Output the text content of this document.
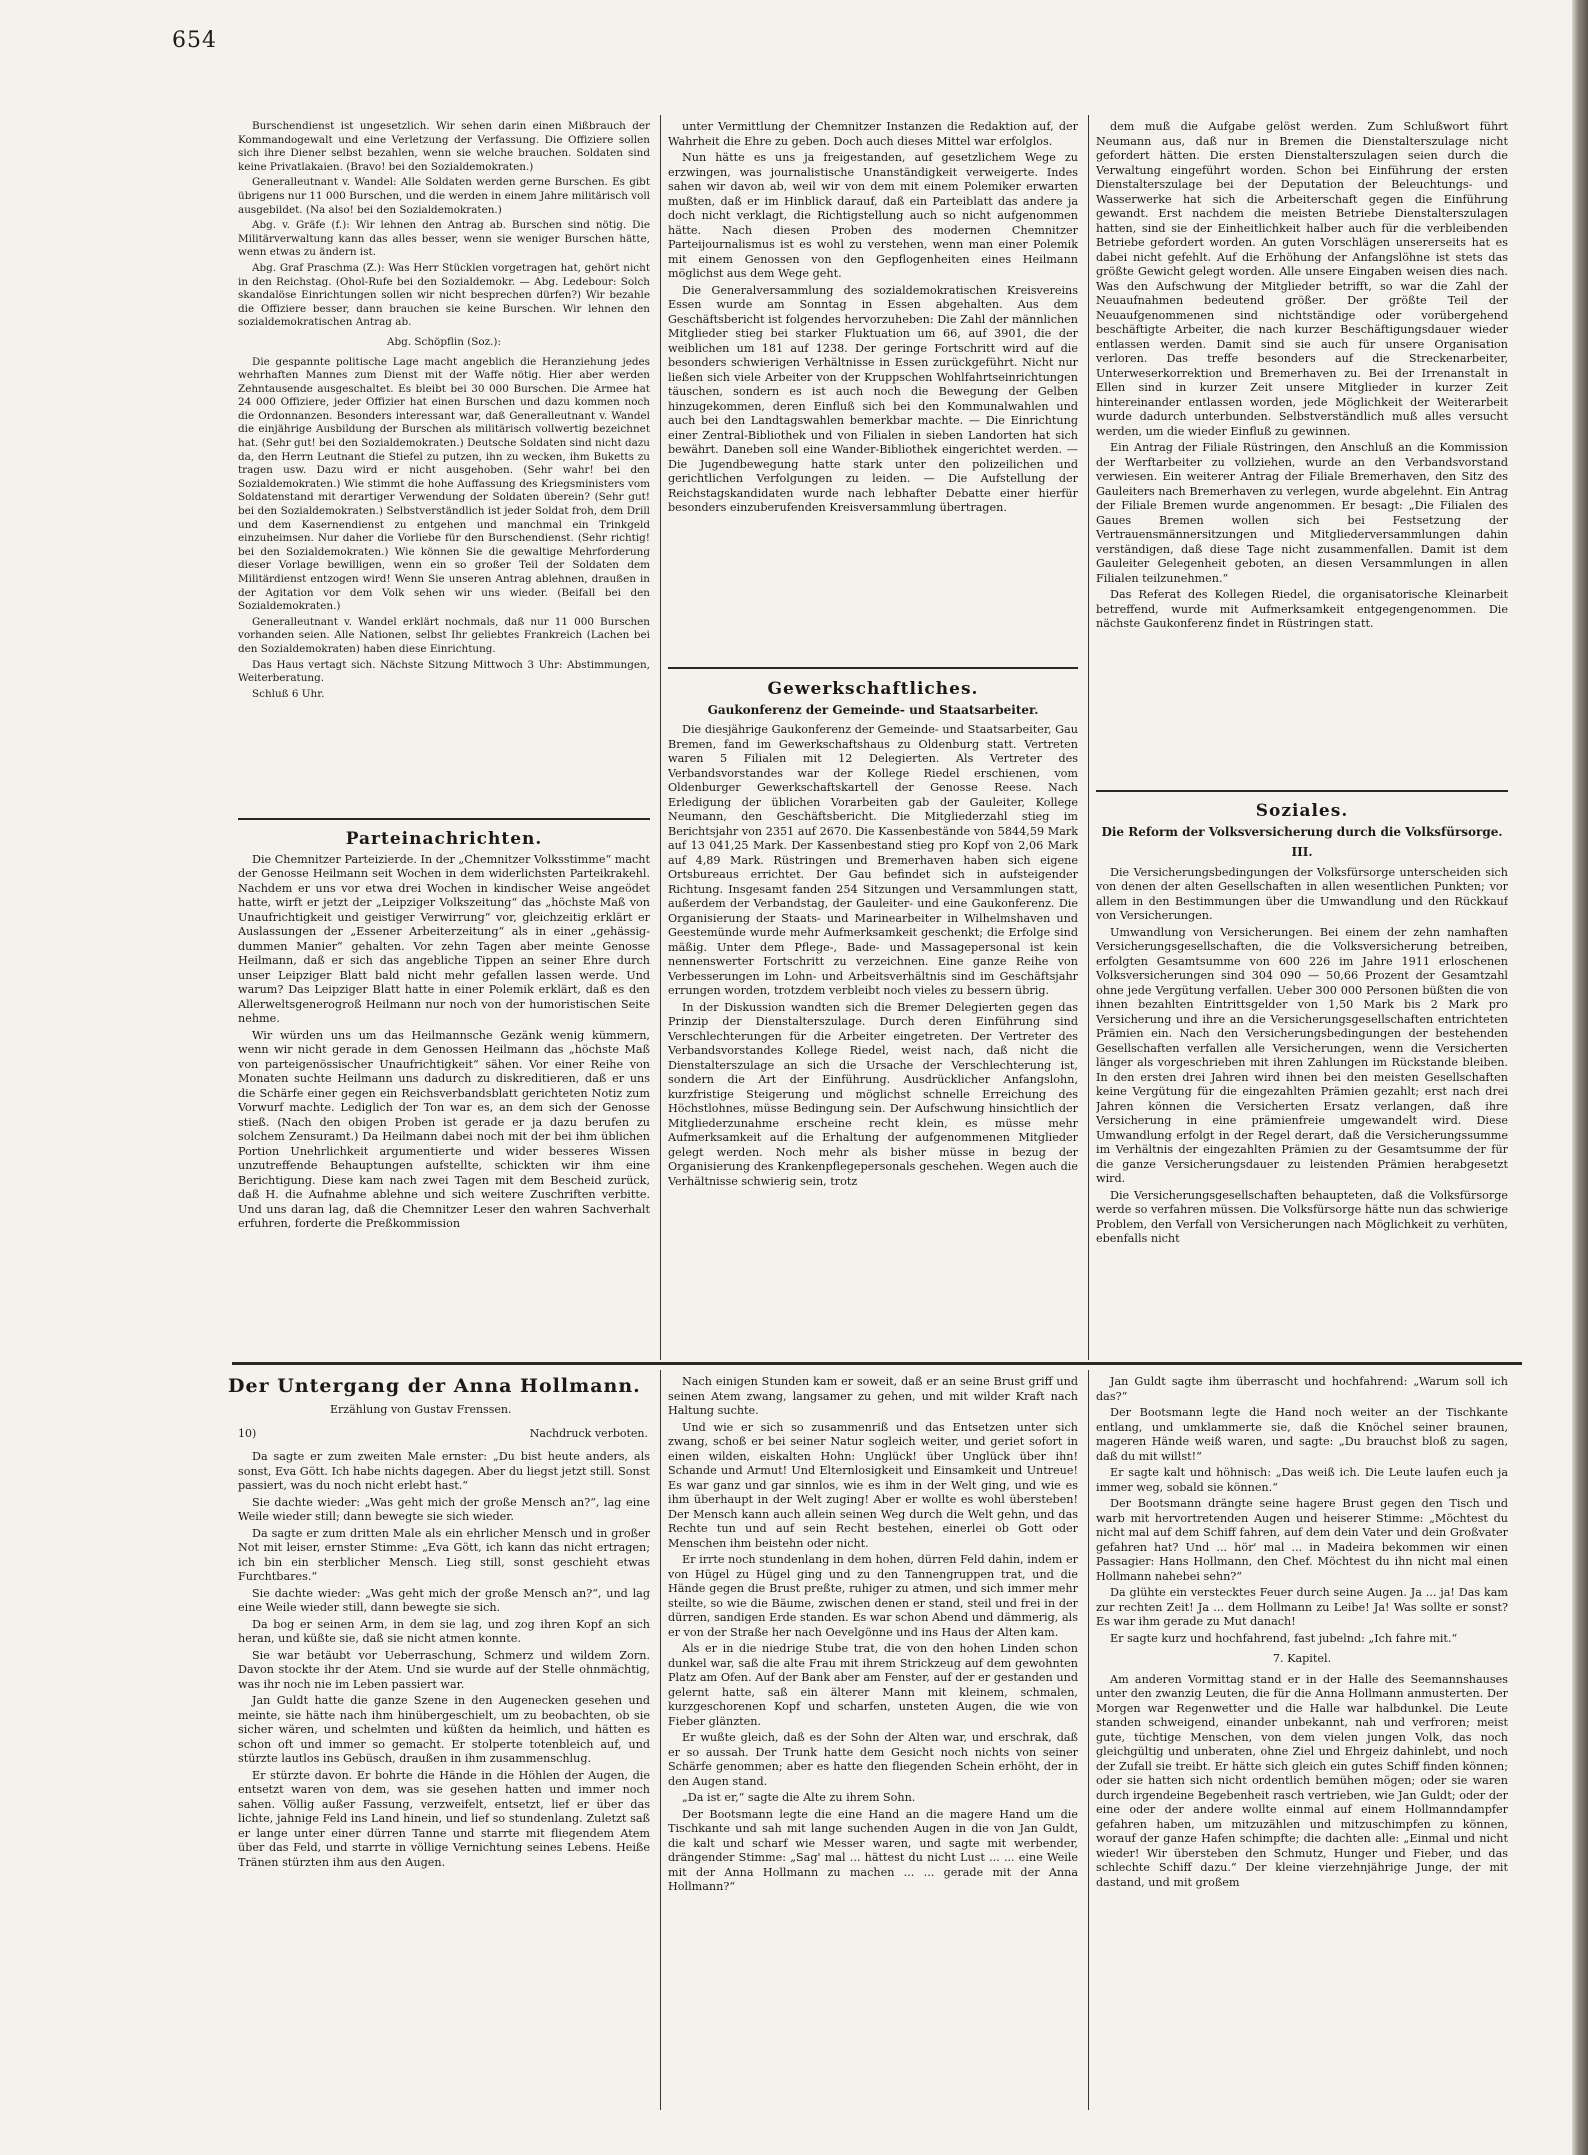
654

Burschendienst ist ungesetzlich. Wir sehen darin einen Mißbrauch der Kommandogewalt und eine Verletzung der Verfassung. Die Offiziere sollen sich ihre Diener selbst bezahlen, wenn sie welche brauchen. Soldaten sind keine Privatlakaien. (Bravo! bei den Sozialdemokraten.)

Generalleutnant v. Wandel: Alle Soldaten werden gerne Burschen. Es gibt übrigens nur 11 000 Burschen, und die werden in einem Jahre militärisch voll ausgebildet. (Na also! bei den Sozialdemokraten.)

Abg. v. Gräfe (f.): Wir lehnen den Antrag ab. Burschen sind nötig. Die Militärverwaltung kann das alles besser, wenn sie weniger Burschen hätte, wenn etwas zu ändern ist.

Abg. Graf Praschma (Z.): Was Herr Stücklen vorgetragen hat, gehört nicht in den Reichstag. (Ohol-Rufe bei den Sozialdemokr. — Abg. Ledebour: Solch skandalöse Einrichtungen sollen wir nicht besprechen dürfen?) Wir bezahle die Offiziere besser, dann brauchen sie keine Burschen. Wir lehnen den sozialdemokratischen Antrag ab.

Abg. Schöpflin (Soz.):

Die gespannte politische Lage macht angeblich die Heranziehung jedes wehrhaften Mannes zum Dienst mit der Waffe nötig. Hier aber werden Zehntausende ausgeschaltet. Es bleibt bei 30 000 Burschen. Die Armee hat 24 000 Offiziere, jeder Offizier hat einen Burschen und dazu kommen noch die Ordonnanzen. Besonders interessant war, daß Generalleutnant v. Wandel die einjährige Ausbildung der Burschen als militärisch vollwertig bezeichnet hat. (Sehr gut! bei den Sozialdemokraten.) Deutsche Soldaten sind nicht dazu da, den Herrn Leutnant die Stiefel zu putzen, ihn zu wecken, ihm Buketts zu tragen usw. Dazu wird er nicht ausgehoben. (Sehr wahr! bei den Sozialdemokraten.) Wie stimmt die hohe Auffassung des Kriegsministers vom Soldatenstand mit derartiger Verwendung der Soldaten überein? (Sehr gut! bei den Sozialdemokraten.) Selbstverständlich ist jeder Soldat froh, dem Drill und dem Kasernendienst zu entgehen und manchmal ein Trinkgeld einzuheimsen. Nur daher die Vorliebe für den Burschendienst. (Sehr richtig! bei den Sozialdemokraten.) Wie können Sie die gewaltige Mehrforderung dieser Vorlage bewilligen, wenn ein so großer Teil der Soldaten dem Militärdienst entzogen wird! Wenn Sie unseren Antrag ablehnen, draußen in der Agitation vor dem Volk sehen wir uns wieder. (Beifall bei den Sozialdemokraten.)

Generalleutnant v. Wandel erklärt nochmals, daß nur 11 000 Burschen vorhanden seien. Alle Nationen, selbst Ihr geliebtes Frankreich (Lachen bei den Sozialdemokraten) haben diese Einrichtung.

Das Haus vertagt sich. Nächste Sitzung Mittwoch 3 Uhr: Abstimmungen, Weiterberatung.

Schluß 6 Uhr.

Parteinachrichten.

Die Chemnitzer Parteizierde. In der „Chemnitzer Volksstimme“ macht der Genosse Heilmann seit Wochen in dem widerlichsten Parteikrakehl. Nachdem er uns vor etwa drei Wochen in kindischer Weise angeödet hatte, wirft er jetzt der „Leipziger Volkszeitung“ das „höchste Maß von Unaufrichtigkeit und geistiger Verwirrung“ vor, gleichzeitig erklärt er Auslassungen der „Essener Arbeiterzeitung“ als in einer „gehässig-dummen Manier“ gehalten. Vor zehn Tagen aber meinte Genosse Heilmann, daß er sich das angebliche Tippen an seiner Ehre durch unser Leipziger Blatt bald nicht mehr gefallen lassen werde. Und warum? Das Leipziger Blatt hatte in einer Polemik erklärt, daß es den Allerweltsgenerogroß Heilmann nur noch von der humoristischen Seite nehme.

Wir würden uns um das Heilmannsche Gezänk wenig kümmern, wenn wir nicht gerade in dem Genossen Heilmann das „höchste Maß von parteigenössischer Unaufrichtigkeit“ sähen. Vor einer Reihe von Monaten suchte Heilmann uns dadurch zu diskreditieren, daß er uns die Schärfe einer gegen ein Reichsverbandsblatt gerichteten Notiz zum Vorwurf machte. Lediglich der Ton war es, an dem sich der Genosse stieß. (Nach den obigen Proben ist gerade er ja dazu berufen zu solchem Zensuramt.) Da Heilmann dabei noch mit der bei ihm üblichen Portion Unehrlichkeit argumentierte und wider besseres Wissen unzutreffende Behauptungen aufstellte, schickten wir ihm eine Berichtigung. Diese kam nach zwei Tagen mit dem Bescheid zurück, daß H. die Aufnahme ablehne und sich weitere Zuschriften verbitte. Und uns daran lag, daß die Chemnitzer Leser den wahren Sachverhalt erfuhren, forderte die Preßkommission

unter Vermittlung der Chemnitzer Instanzen die Redaktion auf, der Wahrheit die Ehre zu geben. Doch auch dieses Mittel war erfolglos.

Nun hätte es uns ja freigestanden, auf gesetzlichem Wege zu erzwingen, was journalistische Unanständigkeit verweigerte. Indes sahen wir davon ab, weil wir von dem mit einem Polemiker erwarten mußten, daß er im Hinblick darauf, daß ein Parteiblatt das andere ja doch nicht verklagt, die Richtigstellung auch so nicht aufgenommen hätte. Nach diesen Proben des modernen Chemnitzer Parteijournalismus ist es wohl zu verstehen, wenn man einer Polemik mit einem Genossen von den Gepflogenheiten eines Heilmann möglichst aus dem Wege geht.

Die Generalversammlung des sozialdemokratischen Kreisvereins Essen wurde am Sonntag in Essen abgehalten. Aus dem Geschäftsbericht ist folgendes hervorzuheben: Die Zahl der männlichen Mitglieder stieg bei starker Fluktuation um 66, auf 3901, die der weiblichen um 181 auf 1238. Der geringe Fortschritt wird auf die besonders schwierigen Verhältnisse in Essen zurückgeführt. Nicht nur ließen sich viele Arbeiter von der Kruppschen Wohlfahrtseinrichtungen täuschen, sondern es ist auch noch die Bewegung der Gelben hinzugekommen, deren Einfluß sich bei den Kommunalwahlen und auch bei den Landtagswahlen bemerkbar machte. — Die Einrichtung einer Zentral-Bibliothek und von Filialen in sieben Landorten hat sich bewährt. Daneben soll eine Wander-Bibliothek eingerichtet werden. — Die Jugendbewegung hatte stark unter den polizeilichen und gerichtlichen Verfolgungen zu leiden. — Die Aufstellung der Reichstagskandidaten wurde nach lebhafter Debatte einer hierfür besonders einzuberufenden Kreisversammlung übertragen.

Gewerkschaftliches.
Gaukonferenz der Gemeinde- und Staatsarbeiter.

Die diesjährige Gaukonferenz der Gemeinde- und Staatsarbeiter, Gau Bremen, fand im Gewerkschaftshaus zu Oldenburg statt. Vertreten waren 5 Filialen mit 12 Delegierten. Als Vertreter des Verbandsvorstandes war der Kollege Riedel erschienen, vom Oldenburger Gewerkschaftskartell der Genosse Reese. Nach Erledigung der üblichen Vorarbeiten gab der Gauleiter, Kollege Neumann, den Geschäftsbericht. Die Mitgliederzahl stieg im Berichtsjahr von 2351 auf 2670. Die Kassenbestände von 5844,59 Mark auf 13 041,25 Mark. Der Kassenbestand stieg pro Kopf von 2,06 Mark auf 4,89 Mark. Rüstringen und Bremerhaven haben sich eigene Ortsbureaus errichtet. Der Gau befindet sich in aufsteigender Richtung. Insgesamt fanden 254 Sitzungen und Versammlungen statt, außerdem der Verbandstag, der Gauleiter- und eine Gaukonferenz. Die Organisierung der Staats- und Marinearbeiter in Wilhelmshaven und Geestemünde wurde mehr Aufmerksamkeit geschenkt; die Erfolge sind mäßig. Unter dem Pflege-, Bade- und Massagepersonal ist kein nennenswerter Fortschritt zu verzeichnen. Eine ganze Reihe von Verbesserungen im Lohn- und Arbeitsverhältnis sind im Geschäftsjahr errungen worden, trotzdem verbleibt noch vieles zu bessern übrig.

In der Diskussion wandten sich die Bremer Delegierten gegen das Prinzip der Dienstalterszulage. Durch deren Einführung sind Verschlechterungen für die Arbeiter eingetreten. Der Vertreter des Verbandsvorstandes Kollege Riedel, weist nach, daß nicht die Dienstalterszulage an sich die Ursache der Verschlechterung ist, sondern die Art der Einführung. Ausdrücklicher Anfangslohn, kurzfristige Steigerung und möglichst schnelle Erreichung des Höchstlohnes, müsse Bedingung sein. Der Aufschwung hinsichtlich der Mitgliederzunahme erscheine recht klein, es müsse mehr Aufmerksamkeit auf die Erhaltung der aufgenommenen Mitglieder gelegt werden. Noch mehr als bisher müsse in bezug der Organisierung des Krankenpflegepersonals geschehen. Wegen auch die Verhältnisse schwierig sein, trotz

dem muß die Aufgabe gelöst werden. Zum Schlußwort führt Neumann aus, daß nur in Bremen die Dienstalterszulage nicht gefordert hätten. Die ersten Dienstalterszulagen seien durch die Verwaltung eingeführt worden. Schon bei Einführung der ersten Dienstalterszulage bei der Deputation der Beleuchtungs- und Wasserwerke hat sich die Arbeiterschaft gegen die Einführung gewandt. Erst nachdem die meisten Betriebe Dienstalterszulagen hatten, sind sie der Einheitlichkeit halber auch für die verbleibenden Betriebe gefordert worden. An guten Vorschlägen unsererseits hat es dabei nicht gefehlt. Auf die Erhöhung der Anfangslöhne ist stets das größte Gewicht gelegt worden. Alle unsere Eingaben weisen dies nach. Was den Aufschwung der Mitglieder betrifft, so war die Zahl der Neuaufnahmen bedeutend größer. Der größte Teil der Neuaufgenommenen sind nichtständige oder vorübergehend beschäftigte Arbeiter, die nach kurzer Beschäftigungsdauer wieder entlassen werden. Damit sind sie auch für unsere Organisation verloren. Das treffe besonders auf die Streckenarbeiter, Unterweserkorrektion und Bremerhaven zu. Bei der Irrenanstalt in Ellen sind in kurzer Zeit unsere Mitglieder in kurzer Zeit hintereinander entlassen worden, jede Möglichkeit der Weiterarbeit wurde dadurch unterbunden. Selbstverständlich muß alles versucht werden, um die wieder Einfluß zu gewinnen.

Ein Antrag der Filiale Rüstringen, den Anschluß an die Kommission der Werftarbeiter zu vollziehen, wurde an den Verbandsvorstand verwiesen. Ein weiterer Antrag der Filiale Bremerhaven, den Sitz des Gauleiters nach Bremerhaven zu verlegen, wurde abgelehnt. Ein Antrag der Filiale Bremen wurde angenommen. Er besagt: „Die Filialen des Gaues Bremen wollen sich bei Festsetzung der Vertrauensmännersitzungen und Mitgliederversammlungen dahin verständigen, daß diese Tage nicht zusammenfallen. Damit ist dem Gauleiter Gelegenheit geboten, an diesen Versammlungen in allen Filialen teilzunehmen.“

Das Referat des Kollegen Riedel, die organisatorische Kleinarbeit betreffend, wurde mit Aufmerksamkeit entgegengenommen. Die nächste Gaukonferenz findet in Rüstringen statt.

Soziales.
Die Reform der Volksversicherung durch die Volksfürsorge.
III.

Die Versicherungsbedingungen der Volksfürsorge unterscheiden sich von denen der alten Gesellschaften in allen wesentlichen Punkten; vor allem in den Bestimmungen über die Umwandlung und den Rückkauf von Versicherungen.

Umwandlung von Versicherungen. Bei einem der zehn namhaften Versicherungsgesellschaften, die die Volksversicherung betreiben, erfolgten Gesamtsumme von 600 226 im Jahre 1911 erloschenen Volksversicherungen sind 304 090 — 50,66 Prozent der Gesamtzahl ohne jede Vergütung verfallen. Ueber 300 000 Personen büßten die von ihnen bezahlten Eintrittsgelder von 1,50 Mark bis 2 Mark pro Versicherung und ihre an die Versicherungsgesellschaften entrichteten Prämien ein. Nach den Versicherungsbedingungen der bestehenden Gesellschaften verfallen alle Versicherungen, wenn die Versicherten länger als vorgeschrieben mit ihren Zahlungen im Rückstande bleiben. In den ersten drei Jahren wird ihnen bei den meisten Gesellschaften keine Vergütung für die eingezahlten Prämien gezahlt; erst nach drei Jahren können die Versicherten Ersatz verlangen, daß ihre Versicherung in eine prämienfreie umgewandelt wird. Diese Umwandlung erfolgt in der Regel derart, daß die Versicherungssumme im Verhältnis der eingezahlten Prämien zu der Gesamtsumme der für die ganze Versicherungsdauer zu leistenden Prämien herabgesetzt wird.

Die Versicherungsgesellschaften behaupteten, daß die Volksfürsorge werde so verfahren müssen. Die Volksfürsorge hätte nun das schwierige Problem, den Verfall von Versicherungen nach Möglichkeit zu verhüten, ebenfalls nicht

Der Untergang der Anna Hollmann.
Erzählung von Gustav Frenssen.
10)	Nachdruck verboten.

Da sagte er zum zweiten Male ernster: „Du bist heute anders, als sonst, Eva Gött. Ich habe nichts dagegen. Aber du liegst jetzt still. Sonst passiert, was du noch nicht erlebt hast.“

Sie dachte wieder: „Was geht mich der große Mensch an?“, lag eine Weile wieder still; dann bewegte sie sich wieder.

Da sagte er zum dritten Male als ein ehrlicher Mensch und in großer Not mit leiser, ernster Stimme: „Eva Gött, ich kann das nicht ertragen; ich bin ein sterblicher Mensch. Lieg still, sonst geschieht etwas Furchtbares.“

Sie dachte wieder: „Was geht mich der große Mensch an?“, und lag eine Weile wieder still, dann bewegte sie sich.

Da bog er seinen Arm, in dem sie lag, und zog ihren Kopf an sich heran, und küßte sie, daß sie nicht atmen konnte.

Sie war betäubt vor Ueberraschung, Schmerz und wildem Zorn. Davon stockte ihr der Atem. Und sie wurde auf der Stelle ohnmächtig, was ihr noch nie im Leben passiert war.

Jan Guldt hatte die ganze Szene in den Augenecken gesehen und meinte, sie hätte nach ihm hinübergeschielt, um zu beobachten, ob sie sicher wären, und schelmten und küßten da heimlich, und hätten es schon oft und immer so gemacht. Er stolperte totenbleich auf, und stürzte lautlos ins Gebüsch, draußen in ihm zusammenschlug.

Er stürzte davon. Er bohrte die Hände in die Höhlen der Augen, die entsetzt waren von dem, was sie gesehen hatten und immer noch sahen. Völlig außer Fassung, verzweifelt, entsetzt, lief er über das lichte, jahnige Feld ins Land hinein, und lief so stundenlang. Zuletzt saß er lange unter einer dürren Tanne und starrte mit fliegendem Atem über das Feld, und starrte in völlige Vernichtung seines Lebens. Heiße Tränen stürzten ihm aus den Augen.

Nach einigen Stunden kam er soweit, daß er an seine Brust griff und seinen Atem zwang, langsamer zu gehen, und mit wilder Kraft nach Haltung suchte.

Und wie er sich so zusammenriß und das Entsetzen unter sich zwang, schoß er bei seiner Natur sogleich weiter, und geriet sofort in einen wilden, eiskalten Hohn: Unglück! über Unglück über ihn! Schande und Armut! Und Elternlosigkeit und Einsamkeit und Untreue! Es war ganz und gar sinnlos, wie es ihm in der Welt ging, und wie es ihm überhaupt in der Welt zuging! Aber er wollte es wohl übersteben! Der Mensch kann auch allein seinen Weg durch die Welt gehn, und das Rechte tun und auf sein Recht bestehen, einerlei ob Gott oder Menschen ihm beistehn oder nicht.

Er irrte noch stundenlang in dem hohen, dürren Feld dahin, indem er von Hügel zu Hügel ging und zu den Tannengruppen trat, und die Hände gegen die Brust preßte, ruhiger zu atmen, und sich immer mehr steilte, so wie die Bäume, zwischen denen er stand, steil und frei in der dürren, sandigen Erde standen. Es war schon Abend und dämmerig, als er von der Straße her nach Oevelgönne und ins Haus der Alten kam.

Als er in die niedrige Stube trat, die von den hohen Linden schon dunkel war, saß die alte Frau mit ihrem Strickzeug auf dem gewohnten Platz am Ofen. Auf der Bank aber am Fenster, auf der er gestanden und gelernt hatte, saß ein älterer Mann mit kleinem, schmalen, kurzgeschorenen Kopf und scharfen, unsteten Augen, die wie von Fieber glänzten.

Er wußte gleich, daß es der Sohn der Alten war, und erschrak, daß er so aussah. Der Trunk hatte dem Gesicht noch nichts von seiner Schärfe genommen; aber es hatte den fliegenden Schein erhöht, der in den Augen stand.

„Da ist er,“ sagte die Alte zu ihrem Sohn.

Der Bootsmann legte die eine Hand an die magere Hand um die Tischkante und sah mit lange suchenden Augen in die von Jan Guldt, die kalt und scharf wie Messer waren, und sagte mit werbender, drängender Stimme: „Sag' mal ... hättest du nicht Lust ... ... eine Weile mit der Anna Hollmann zu machen ... ... gerade mit der Anna Hollmann?“

Jan Guldt sagte ihm überrascht und hochfahrend: „Warum soll ich das?“

Der Bootsmann legte die Hand noch weiter an der Tischkante entlang, und umklammerte sie, daß die Knöchel seiner braunen, mageren Hände weiß waren, und sagte: „Du brauchst bloß zu sagen, daß du mit willst!“

Er sagte kalt und höhnisch: „Das weiß ich. Die Leute laufen euch ja immer weg, sobald sie können.“

Der Bootsmann drängte seine hagere Brust gegen den Tisch und warb mit hervortretenden Augen und heiserer Stimme: „Möchtest du nicht mal auf dem Schiff fahren, auf dem dein Vater und dein Großvater gefahren hat? Und ... hör' mal ... in Madeira bekommen wir einen Passagier: Hans Hollmann, den Chef. Möchtest du ihn nicht mal einen Hollmann nahebei sehn?“

Da glühte ein verstecktes Feuer durch seine Augen. Ja ... ja! Das kam zur rechten Zeit! Ja ... dem Hollmann zu Leibe! Ja! Was sollte er sonst? Es war ihm gerade zu Mut danach!

Er sagte kurz und hochfahrend, fast jubelnd: „Ich fahre mit.“

7. Kapitel.

Am anderen Vormittag stand er in der Halle des Seemannshauses unter den zwanzig Leuten, die für die Anna Hollmann anmusterten. Der Morgen war Regenwetter und die Halle war halbdunkel. Die Leute standen schweigend, einander unbekannt, nah und verfroren; meist gute, tüchtige Menschen, von dem vielen jungen Volk, das noch gleichgültig und unberaten, ohne Ziel und Ehrgeiz dahinlebt, und noch der Zufall sie treibt. Er hätte sich gleich ein gutes Schiff finden können; oder sie hatten sich nicht ordentlich bemühen mögen; oder sie waren durch irgendeine Begebenheit rasch vertrieben, wie Jan Guldt; oder der eine oder der andere wollte einmal auf einem Hollmanndampfer gefahren haben, um mitzuzählen und mitzuschimpfen zu können, worauf der ganze Hafen schimpfte; die dachten alle: „Einmal und nicht wieder! Wir übersteben den Schmutz, Hunger und Fieber, und das schlechte Schiff dazu.“ Der kleine vierzehnjährige Junge, der mit dastand, und mit großem
